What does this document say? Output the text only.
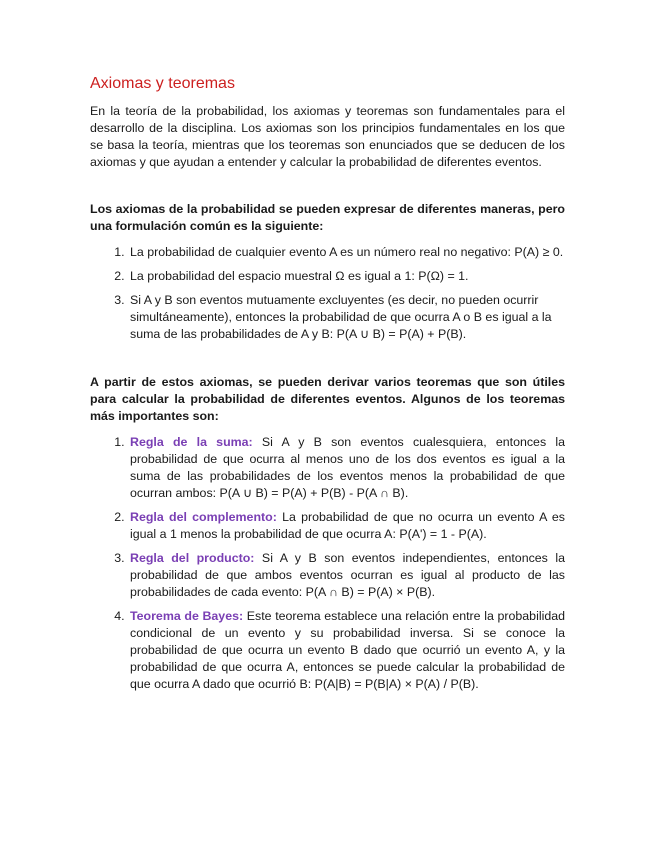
Axiomas y teoremas

En la teoría de la probabilidad, los axiomas y teoremas son fundamentales para el desarrollo de la disciplina. Los axiomas son los principios fundamentales en los que se basa la teoría, mientras que los teoremas son enunciados que se deducen de los axiomas y que ayudan a entender y calcular la probabilidad de diferentes eventos.

Los axiomas de la probabilidad se pueden expresar de diferentes maneras, pero una formulación común es la siguiente:

1. La probabilidad de cualquier evento A es un número real no negativo: P(A) ≥ 0.
2. La probabilidad del espacio muestral Ω es igual a 1: P(Ω) = 1.
3. Si A y B son eventos mutuamente excluyentes (es decir, no pueden ocurrir simultáneamente), entonces la probabilidad de que ocurra A o B es igual a la suma de las probabilidades de A y B: P(A ∪ B) = P(A) + P(B).

A partir de estos axiomas, se pueden derivar varios teoremas que son útiles para calcular la probabilidad de diferentes eventos. Algunos de los teoremas más importantes son:

1. Regla de la suma: Si A y B son eventos cualesquiera, entonces la probabilidad de que ocurra al menos uno de los dos eventos es igual a la suma de las probabilidades de los eventos menos la probabilidad de que ocurran ambos: P(A ∪ B) = P(A) + P(B) - P(A ∩ B).
2. Regla del complemento: La probabilidad de que no ocurra un evento A es igual a 1 menos la probabilidad de que ocurra A: P(A') = 1 - P(A).
3. Regla del producto: Si A y B son eventos independientes, entonces la probabilidad de que ambos eventos ocurran es igual al producto de las probabilidades de cada evento: P(A ∩ B) = P(A) × P(B).
4. Teorema de Bayes: Este teorema establece una relación entre la probabilidad condicional de un evento y su probabilidad inversa. Si se conoce la probabilidad de que ocurra un evento B dado que ocurrió un evento A, y la probabilidad de que ocurra A, entonces se puede calcular la probabilidad de que ocurra A dado que ocurrió B: P(A|B) = P(B|A) × P(A) / P(B).
